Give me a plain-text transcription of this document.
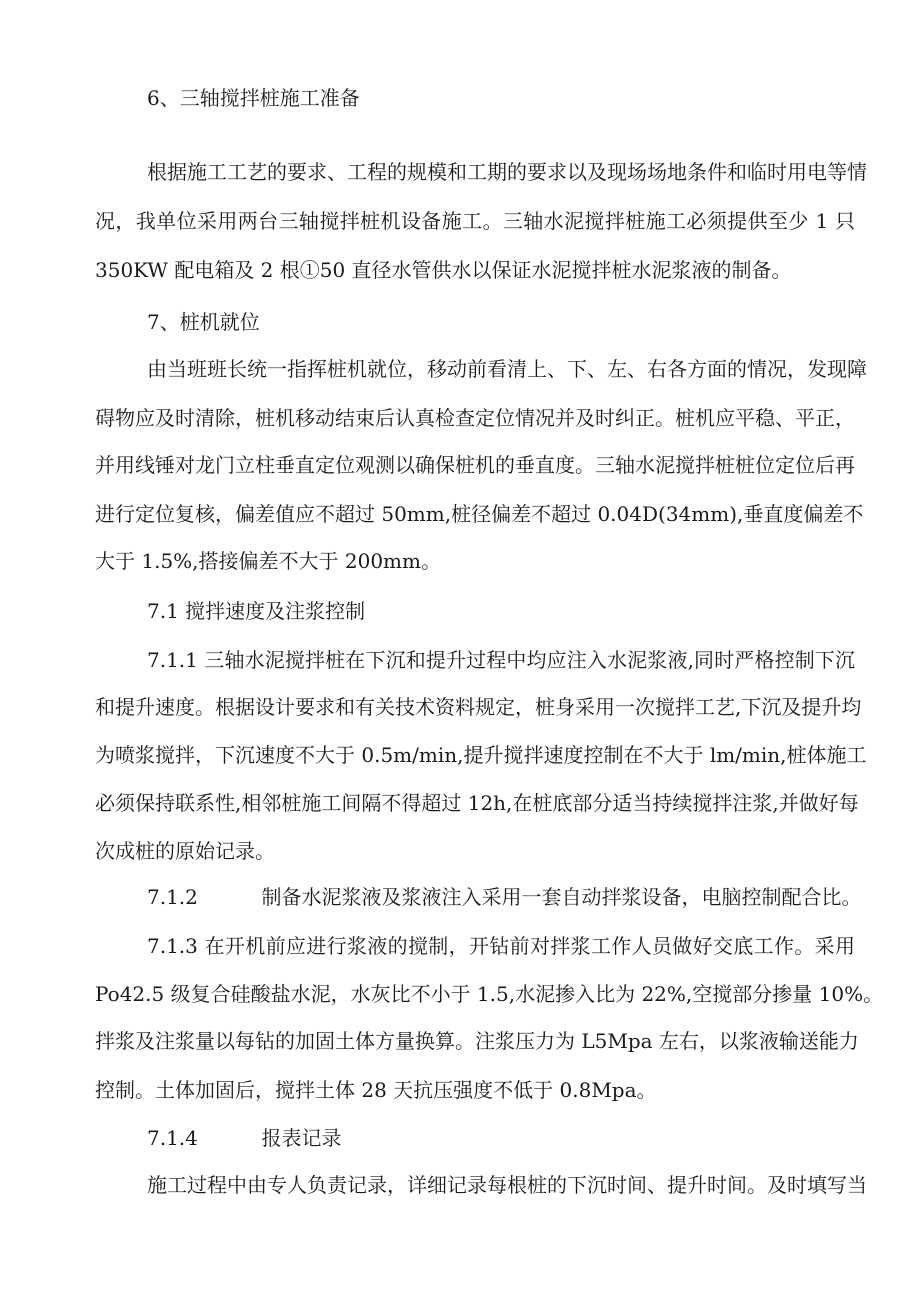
6、三轴搅拌桩施工准备
根据施工工艺的要求、工程的规模和工期的要求以及现场场地条件和临时用电等情
况，我单位采用两台三轴搅拌桩机设备施工。三轴水泥搅拌桩施工必须提供至少 1 只
350KW 配电箱及 2 根①50 直径水管供水以保证水泥搅拌桩水泥浆液的制备。
7、桩机就位
由当班班长统一指挥桩机就位，移动前看清上、下、左、右各方面的情况，发现障
碍物应及时清除，桩机移动结束后认真检查定位情况并及时纠正。桩机应平稳、平正，
并用线锤对龙门立柱垂直定位观测以确保桩机的垂直度。三轴水泥搅拌桩桩位定位后再
进行定位复核，偏差值应不超过 50mm,桩径偏差不超过 0.04D(34mm),垂直度偏差不
大于 1.5%,搭接偏差不大于 200mm。
7.1 搅拌速度及注浆控制
7.1.1 三轴水泥搅拌桩在下沉和提升过程中均应注入水泥浆液,同时严格控制下沉
和提升速度。根据设计要求和有关技术资料规定，桩身采用一次搅拌工艺,下沉及提升均
为喷浆搅拌，下沉速度不大于 0.5m/min,提升搅拌速度控制在不大于 lm/min,桩体施工
必须保持联系性,相邻桩施工间隔不得超过 12h,在桩底部分适当持续搅拌注浆,并做好每
次成桩的原始记录。
7.1.2          制备水泥浆液及浆液注入采用一套自动拌浆设备，电脑控制配合比。
7.1.3 在开机前应进行浆液的搅制，开钻前对拌浆工作人员做好交底工作。采用
Po42.5 级复合硅酸盐水泥，水灰比不小于 1.5,水泥掺入比为 22%,空搅部分掺量 10%。
拌浆及注浆量以每钻的加固土体方量换算。注浆压力为 L5Mpa 左右，以浆液输送能力
控制。土体加固后，搅拌土体 28 天抗压强度不低于 0.8Mpa。
7.1.4          报表记录
施工过程中由专人负责记录，详细记录每根桩的下沉时间、提升时间。及时填写当
